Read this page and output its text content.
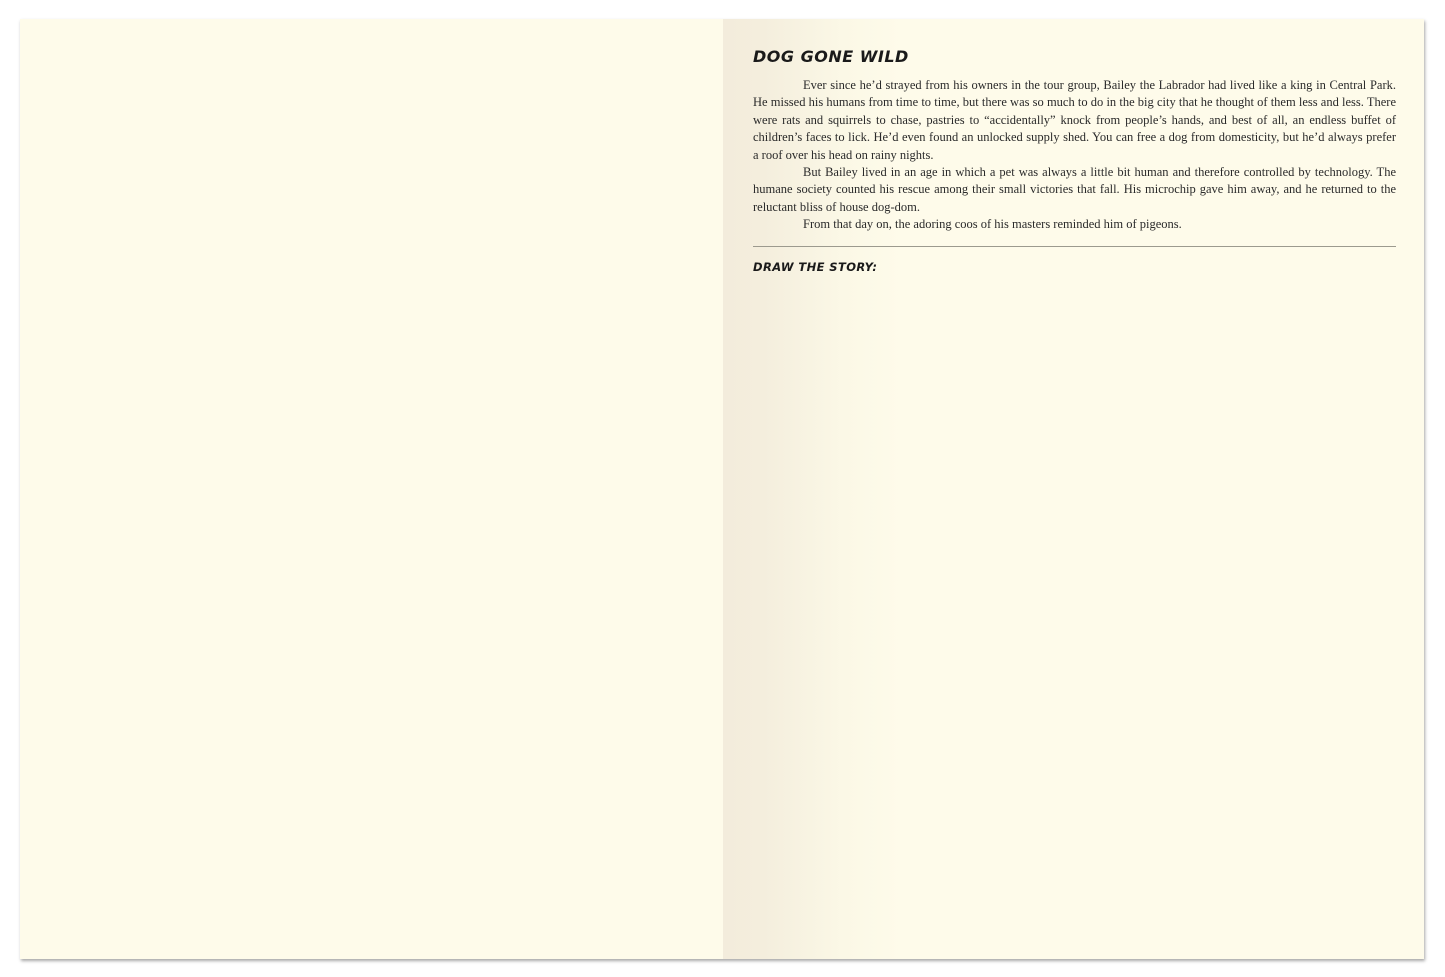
DOG GONE WILD

Ever since he’d strayed from his owners in the tour group, Bailey the Labrador had lived like a king in Central Park. He missed his humans from time to time, but there was so much to do in the big city that he thought of them less and less. There were rats and squirrels to chase, pastries to “accidentally” knock from people’s hands, and best of all, an endless buffet of children’s faces to lick. He’d even found an unlocked supply shed. You can free a dog from domesticity, but he’d always prefer a roof over his head on rainy nights.

But Bailey lived in an age in which a pet was always a little bit human and therefore controlled by technology. The humane society counted his rescue among their small victories that fall. His microchip gave him away, and he returned to the reluctant bliss of house dog-dom.

From that day on, the adoring coos of his masters reminded him of pigeons.

DRAW THE STORY:
